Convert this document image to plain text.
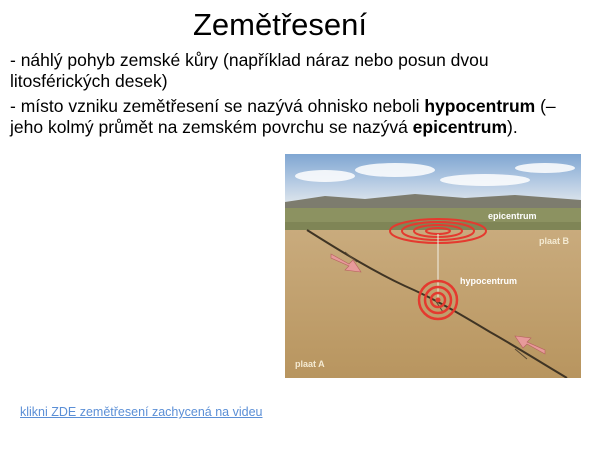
Zemětřesení

- náhlý pohyb zemské kůry (například náraz nebo posun dvou litosférických desek)

- místo vzniku zemětřesení se nazývá ohnisko neboli hypocentrum (– jeho kolmý průmět na zemském povrchu se nazývá epicentrum).

epicentrum
hypocentrum
plaat B
plaat A
klikni ZDE zemětřesení zachycená na videu
